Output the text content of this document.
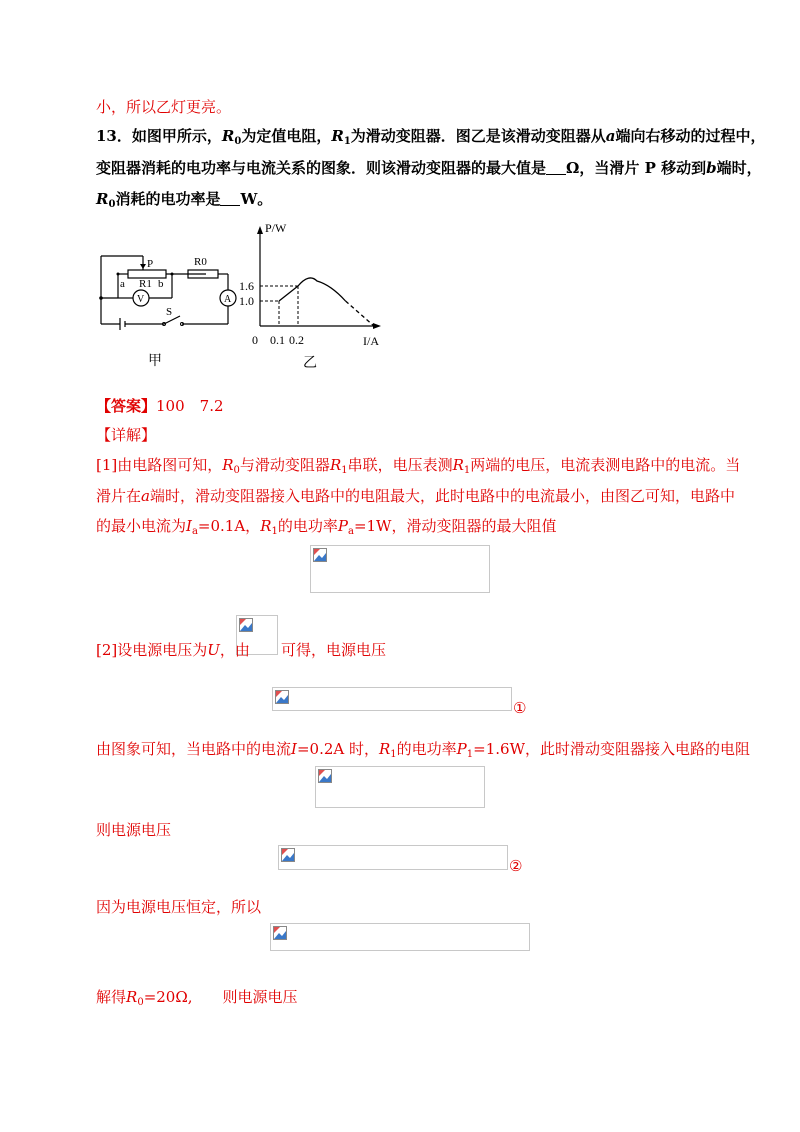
小，所以乙灯更亮。
13．如图甲所示，$R_0$为定值电阻，$R_1$为滑动变阻器．图乙是该滑动变阻器从a端向右移动的过程中，
变阻器消耗的电功率与电流关系的图象．则该滑动变阻器的最大值是 Ω，当滑片 P 移动到b端时，
$R_0$消耗的电功率是 W。
P	R0
a R1 b
V	A
S
甲
1.0
1.6
0.1 0.2
P/W
I/A
0
乙
【答案】100　7.2
【详解】
[1]由电路图可知，$R_0$与滑动变阻器$R_1$串联，电压表测$R_1$两端的电压，电流表测电路中的电流。当
滑片在a端时，滑动变阻器接入电路中的电阻最大，此时电路中的电流最小，由图乙可知，电路中
的最小电流为$I_a=0.1A$，$R_1$的电功率$P_a=1W$，滑动变阻器的最大阻值
[2]设电源电压为U，由 可得，电源电压
①
由图象可知，当电路中的电流I=0.2A 时，$R_1$的电功率$P_1=1.6W$，此时滑动变阻器接入电路的电阻
则电源电压
②
因为电源电压恒定，所以
解得$R_0=20\Omega$,　　则电源电压
